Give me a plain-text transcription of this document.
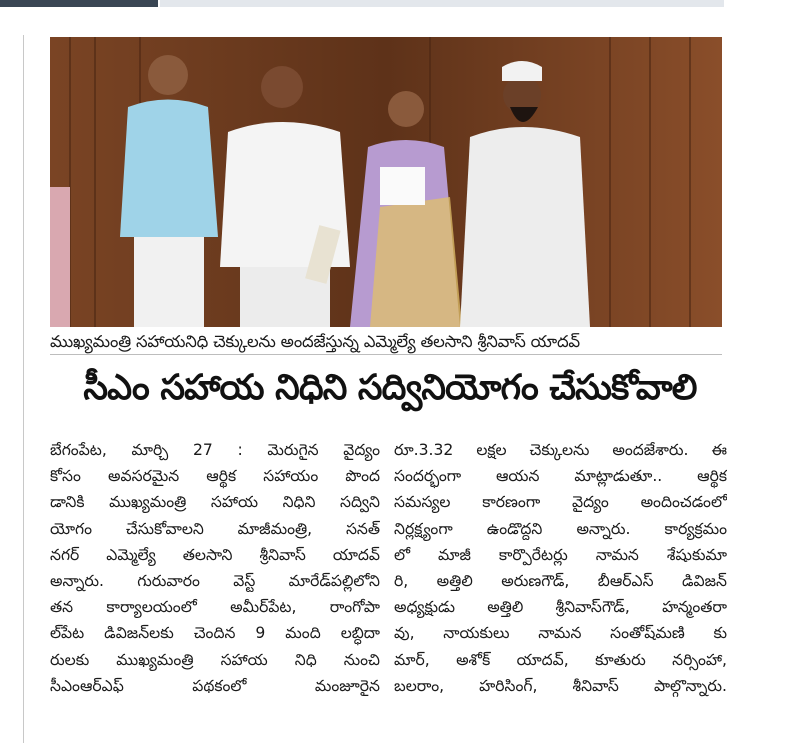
ముఖ్యమంత్రి సహాయనిధి చెక్కులను అందజేస్తున్న ఎమ్మెల్యే తలసాని శ్రీనివాస్ యాదవ్
సీఎం సహాయ నిధిని సద్వినియోగం చేసుకోవాలి
బేగంపేట, మార్చి 27 : మెరుగైన వైద్యం
కోసం అవసరమైన ఆర్థిక సహాయం పొంద
డానికి ముఖ్యమంత్రి సహాయ నిధిని సద్విని
యోగం చేసుకోవాలని మాజీమంత్రి, సనత్
నగర్ ఎమ్మెల్యే తలసాని శ్రీనివాస్ యాదవ్
అన్నారు. గురువారం వెస్ట్ మారేడ్‌పల్లిలోని
తన కార్యాలయంలో అమీర్‌పేట, రాంగోపా
ల్‌పేట డివిజన్‌లకు చెందిన 9 మంది లబ్ధిదా
రులకు ముఖ్యమంత్రి సహాయ నిధి నుంచి
సీఎంఆర్ఎఫ్ పథకంలో మంజూరైన
రూ.3.32 లక్షల చెక్కులను అందజేశారు. ఈ
సందర్భంగా ఆయన మాట్లాడుతూ.. ఆర్థిక
సమస్యల కారణంగా వైద్యం అందించడంలో
నిర్లక్ష్యంగా ఉండొద్దని అన్నారు. కార్యక్రమం
లో మాజీ కార్పొరేటర్లు నామన శేషుకుమా
రి, అత్తిలి అరుణగౌడ్, బీఆర్ఎస్ డివిజన్
అధ్యక్షుడు అత్తిలి శ్రీనివాస్‌గౌడ్, హన్మంతరా
వు, నాయకులు నామన సంతోష్‌మణి కు
మార్, అశోక్ యాదవ్, కూతురు నర్సింహా,
బలరాం, హరిసింగ్, శీనివాస్ పాల్గొన్నారు.
